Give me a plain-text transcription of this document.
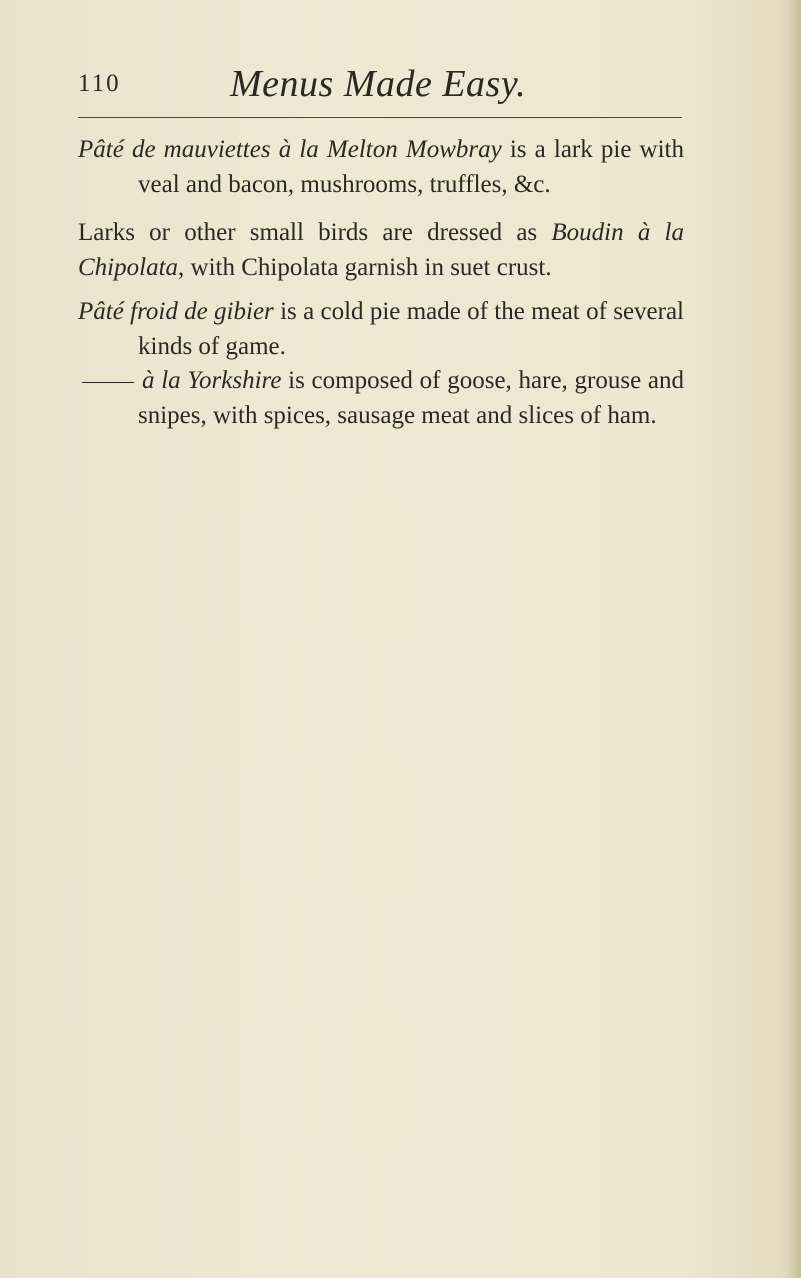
110	Menus Made Easy.

Pâté de mauviettes à la Melton Mowbray is a lark pie with veal and bacon, mushrooms, truffles, &c.

Larks or other small birds are dressed as Boudin à la Chipolata, with Chipolata garnish in suet crust.

Pâté froid de gibier is a cold pie made of the meat of several kinds of game.

à la Yorkshire is composed of goose, hare, grouse and snipes, with spices, sausage meat and slices of ham.
